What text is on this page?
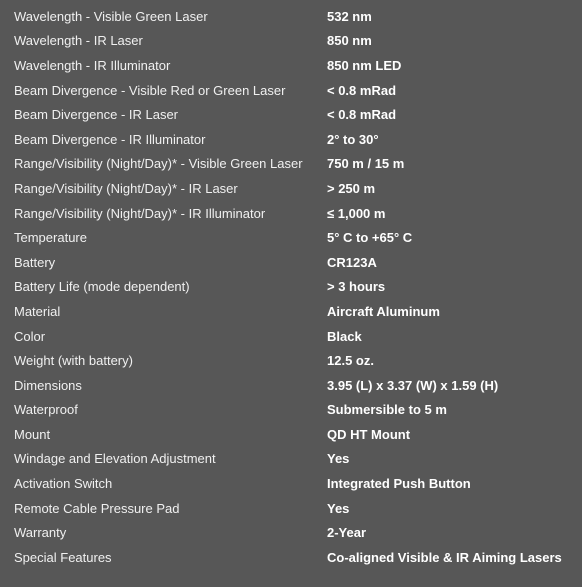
Wavelength - Visible Green Laser	532 nm
Wavelength - IR Laser	850 nm
Wavelength - IR Illuminator	850 nm LED
Beam Divergence - Visible Red or Green Laser	< 0.8 mRad
Beam Divergence - IR Laser	< 0.8 mRad
Beam Divergence - IR Illuminator	2° to 30°
Range/Visibility (Night/Day)* - Visible Green Laser	750 m / 15 m
Range/Visibility (Night/Day)* - IR Laser	> 250 m
Range/Visibility (Night/Day)* - IR Illuminator	≤ 1,000 m
Temperature	5° C to +65° C
Battery	CR123A
Battery Life (mode dependent)	> 3 hours
Material	Aircraft Aluminum
Color	Black
Weight (with battery)	12.5 oz.
Dimensions	3.95 (L) x 3.37 (W) x 1.59 (H)
Waterproof	Submersible to 5 m
Mount	QD HT Mount
Windage and Elevation Adjustment	Yes
Activation Switch	Integrated Push Button
Remote Cable Pressure Pad	Yes
Warranty	2-Year
Special Features	Co-aligned Visible & IR Aiming Lasers
